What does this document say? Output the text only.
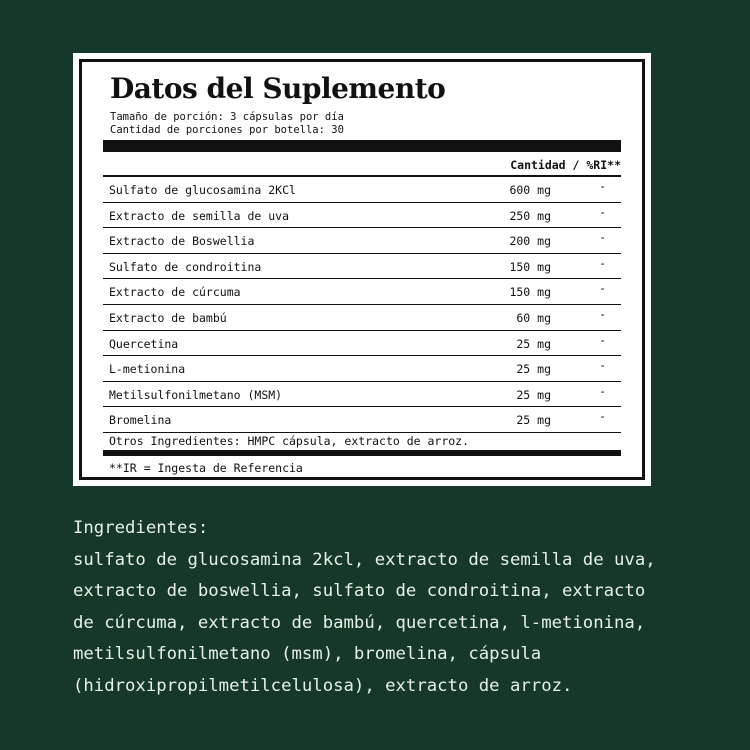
Datos del Suplemento
Tamaño de porción: 3 cápsulas por día
Cantidad de porciones por botella: 30
Cantidad / %RI**
Sulfato de glucosamina 2KCl	600 mg	-
Extracto de semilla de uva	250 mg	-
Extracto de Boswellia	200 mg	-
Sulfato de condroitina	150 mg	-
Extracto de cúrcuma	150 mg	-
Extracto de bambú	60 mg	-
Quercetina	25 mg	-
L-metionina	25 mg	-
Metilsulfonilmetano (MSM)	25 mg	-
Bromelina	25 mg	-
Otros Ingredientes: HMPC cápsula, extracto de arroz.
**IR = Ingesta de Referencia
Ingredientes:
sulfato de glucosamina 2kcl, extracto de semilla de uva,
extracto de boswellia, sulfato de condroitina, extracto
de cúrcuma, extracto de bambú, quercetina, l-metionina,
metilsulfonilmetano (msm), bromelina, cápsula
(hidroxipropilmetilcelulosa), extracto de arroz.
